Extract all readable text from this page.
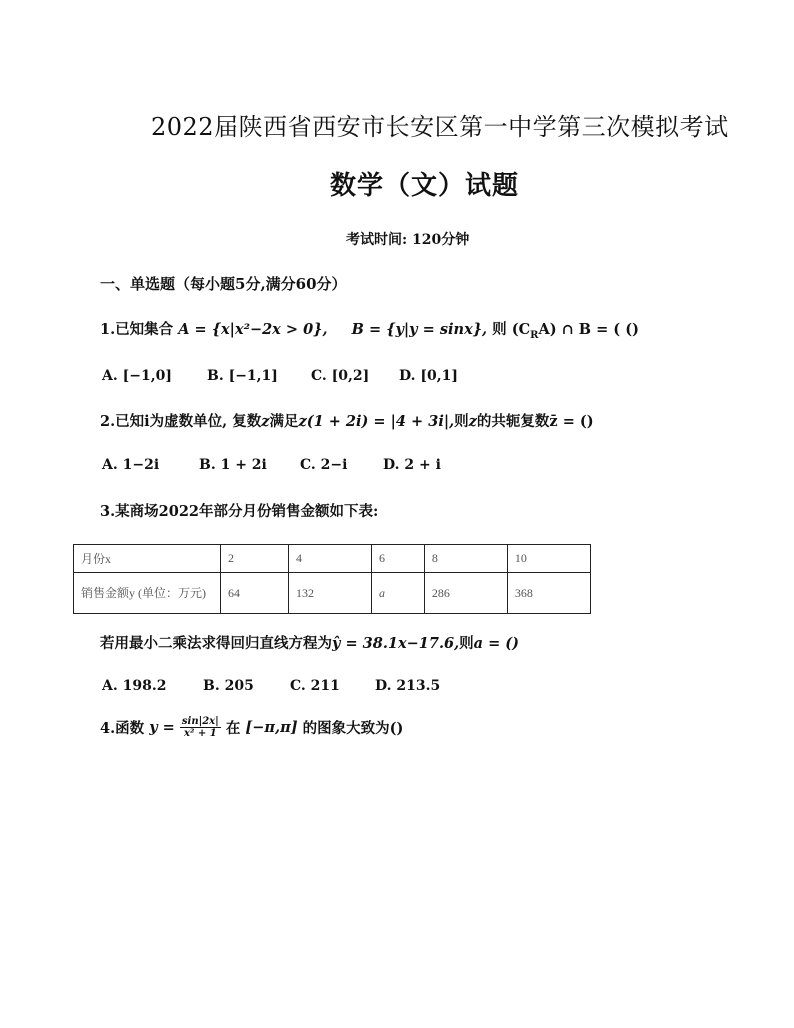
2022届陕西省西安市长安区第一中学第三次模拟考试
数学（文）试题
考试时间: 120分钟
一、单选题（每小题5分,满分60分）
1.已知集合 A = {x|x²−2x > 0}, B = {y|y = sinx}, 则 $(C_RA)$ ∩ B = ( ()
A. [−1,0]	B. [−1,1] C. [0,2] D. [0,1]
2.已知i为虚数单位, 复数z满足z(1 + 2i) = |4 + 3i|,则z的共轭复数z̄ = ()
A. 1−2i	B. 1 + 2i C. 2−i	D. 2 + i
3.某商场2022年部分月份销售金额如下表:
月份x	2	4	6	8	10
销售金额y (单位：万元)	64	132	a	286	368
若用最小二乘法求得回归直线方程为ŷ = 38.1x−17.6,则a = ()
A. 198.2	B. 205	C. 211	D. 213.5
4.函数 $y = \frac{\sin|2x|}{\text{x² + 1}}$ 在 [−π,π] 的图象大致为()
